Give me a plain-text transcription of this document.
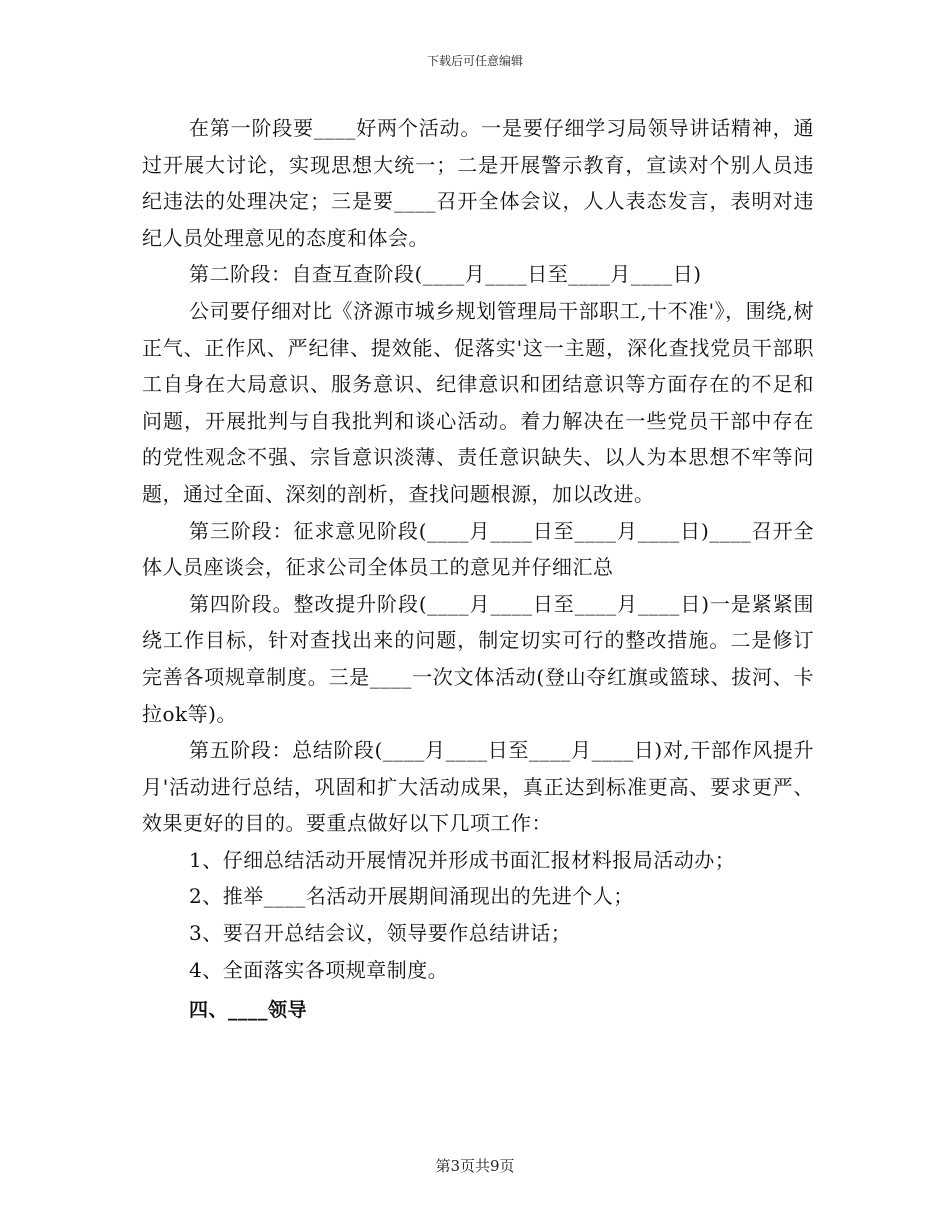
下载后可任意编辑

在第一阶段要____好两个活动。一是要仔细学习局领导讲话精神，通过开展大讨论，实现思想大统一；二是开展警示教育，宣读对个别人员违纪违法的处理决定；三是要____召开全体会议，人人表态发言，表明对违纪人员处理意见的态度和体会。

第二阶段：自查互查阶段(____月____日至____月____日)

公司要仔细对比《济源市城乡规划管理局干部职工,十不准'》，围绕,树正气、正作风、严纪律、提效能、促落实'这一主题，深化查找党员干部职工自身在大局意识、服务意识、纪律意识和团结意识等方面存在的不足和问题，开展批判与自我批判和谈心活动。着力解决在一些党员干部中存在的党性观念不强、宗旨意识淡薄、责任意识缺失、以人为本思想不牢等问题，通过全面、深刻的剖析，查找问题根源，加以改进。

第三阶段：征求意见阶段(____月____日至____月____日)____召开全体人员座谈会，征求公司全体员工的意见并仔细汇总

第四阶段。整改提升阶段(____月____日至____月____日)一是紧紧围绕工作目标，针对查找出来的问题，制定切实可行的整改措施。二是修订完善各项规章制度。三是____一次文体活动(登山夺红旗或篮球、拔河、卡拉ok等)。

第五阶段：总结阶段(____月____日至____月____日)对,干部作风提升月'活动进行总结，巩固和扩大活动成果，真正达到标准更高、要求更严、效果更好的目的。要重点做好以下几项工作：

1、仔细总结活动开展情况并形成书面汇报材料报局活动办；

2、推举____名活动开展期间涌现出的先进个人；

3、要召开总结会议，领导要作总结讲话；

4、全面落实各项规章制度。

四、____领导

第3页共9页
